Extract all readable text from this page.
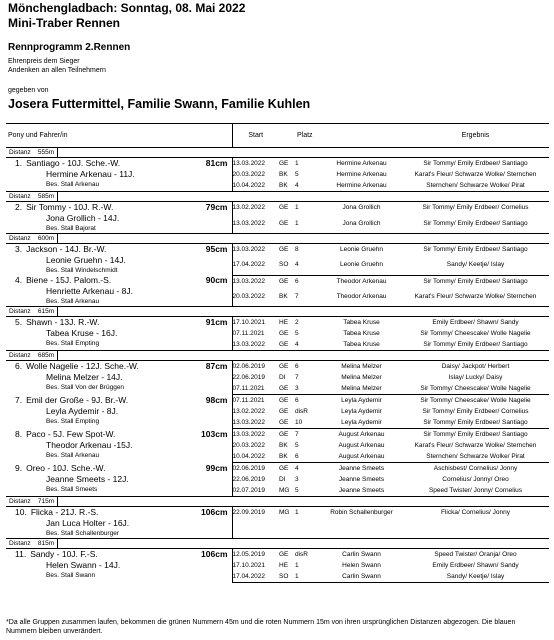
Mönchengladbach: Sonntag, 08. Mai 2022
Mini-Traber Rennen
Rennprogramm 2.Rennen
Ehrenpreis dem Sieger
Andenken an allen Teilnehmern
gegeben von
Josera Futtermittel, Familie Swann, Familie Kuhlen
Pony und Fahrer/in	Start		Platz		Ergebnis
Distanz 555m					

1. Santiago - 10J. Sche.-W. 81cm
Hermine Arkenau - 11J.
Bes. Stall Arkenau	13.03.2022	GE	1	Hermine Arkenau	Sir Tommy/ Emily Erdbeer/ Santiago
	20.03.2022	BK	5	Hermine Arkenau	Karat's Fleur/ Schwarze Wolke/ Sternchen
	10.04.2022	BK	4	Hermine Arkenau	Sternchen/ Schwarze Wolke/ Pirat
Distanz 585m					

2. Sir Tommy - 10J. R.-W. 79cm
Jona Grollich - 14J.
Bes. Stall Bajorat	13.02.2022	GE	1	Jona Grollich	Sir Tommy/ Emily Erdbeer/ Cornelius
	13.03.2022	GE	1	Jona Grollich	Sir Tommy/ Emily Erdbeer/ Santiago

Distanz 600m					

3. Jackson - 14J. Br.-W. 95cm
Leonie Gruehn - 14J.
Bes. Stall Windelschmidt	13.03.2022	GE	8	Leonie Gruehn	Sir Tommy/ Emily Erdbeer/ Santiago
	17.04.2022	SO	4	Leonie Gruehn	Sandy/ Keetje/ Islay

4. Biene - 15J. Palom.-S. 90cm
Henriette Arkenau - 8J.
Bes. Stall Arkenau	13.03.2022	GE	6	Theodor Arkenau	Sir Tommy/ Emily Erdbeer/ Santiago
	20.03.2022	BK	7	Theodor Arkenau	Karat's Fleur/ Schwarze Wolke/ Sternchen

Distanz 615m					

5. Shawn - 13J. R.-W. 91cm
Tabea Kruse - 16J.
Bes. Stall Empting	17.10.2021	HE	2	Tabea Kruse	Emily Erdbeer/ Shawn/ Sandy
	07.11.2021	GE	5	Tabea Kruse	Sir Tommy/ Cheescake/ Wolle Nagelie
	13.03.2022	GE	4	Tabea Kruse	Sir Tommy/ Emily Erdbeer/ Santiago
Distanz 685m					

6. Wolle Nagelie - 12J. Sche.-W. 87cm
Melina Melzer - 14J.
Bes. Stall Von der Brüggen	02.06.2019	GE	6	Melina Melzer	Daisy/ Jackpot/ Herbert
	22.06.2019	DI	7	Melina Melzer	Islay/ Lucky/ Daisy
	07.11.2021	GE	3	Melina Melzer	Sir Tommy/ Cheescake/ Wolle Nagelie

7. Emil der Große - 9J. Br.-W. 98cm
Leyla Aydemir - 8J.
Bes. Stall Empting	07.11.2021	GE	6	Leyla Aydemir	Sir Tommy/ Cheescake/ Wolle Nagelie
	13.02.2022	GE	disR	Leyla Aydemir	Sir Tommy/ Emily Erdbeer/ Cornelius
	13.03.2022	GE	10	Leyla Aydemir	Sir Tommy/ Emily Erdbeer/ Santiago

8. Paco - 5J. Few Spot-W. 103cm
Theodor Arkenau -15J.
Bes. Stall Arkenau	13.03.2022	GE	7	August Arkenau	Sir Tommy/ Emily Erdbeer/ Santiago
	20.03.2022	BK	5	August Arkenau	Karat's Fleur/ Schwarze Wolke/ Sternchen
	10.04.2022	BK	6	August Arkenau	Sternchen/ Schwarze Wolke/ Pirat

9. Oreo - 10J. Sche.-W. 99cm
Jeanne Smeets - 12J.
Bes. Stall Smeets	02.06.2019	GE	4	Jeanne Smeets	Aschisbest/ Cornelius/ Jonny
	22.06.2019	DI	3	Jeanne Smeets	Cornelius/ Jonny/ Oreo
	02.07.2019	MG	5	Jeanne Smeets	Speed Twister/ Jonny/ Cornelius
Distanz 715m					

10. Flicka - 21J. R.-S. 106cm
Jan Luca Holter - 16J.
Bes. Stall Schallenburger	22.09.2019	MG	1	Robin Schallenburger	Flicka/ Cornelius/ Jonny

Distanz 815m					

11. Sandy - 10J. F.-S. 106cm
Helen Swann - 14J.
Bes. Stall Swann	12.05.2019	GE	disR	Carlin Swann	Speed Twister/ Oranja/ Oreo
	17.10.2021	HE	1	Helen Swann	Emily Erdbeer/ Shawn/ Sandy
	17.04.2022	SO	1	Carlin Swann	Sandy/ Keetje/ Islay
*Da alle Gruppen zusammen laufen, bekommen die grünen Nummern 45m und die roten Nummern 15m von ihren ursprünglichen Distanzen abgezogen. Die blauen Nummern bleiben unverändert.
